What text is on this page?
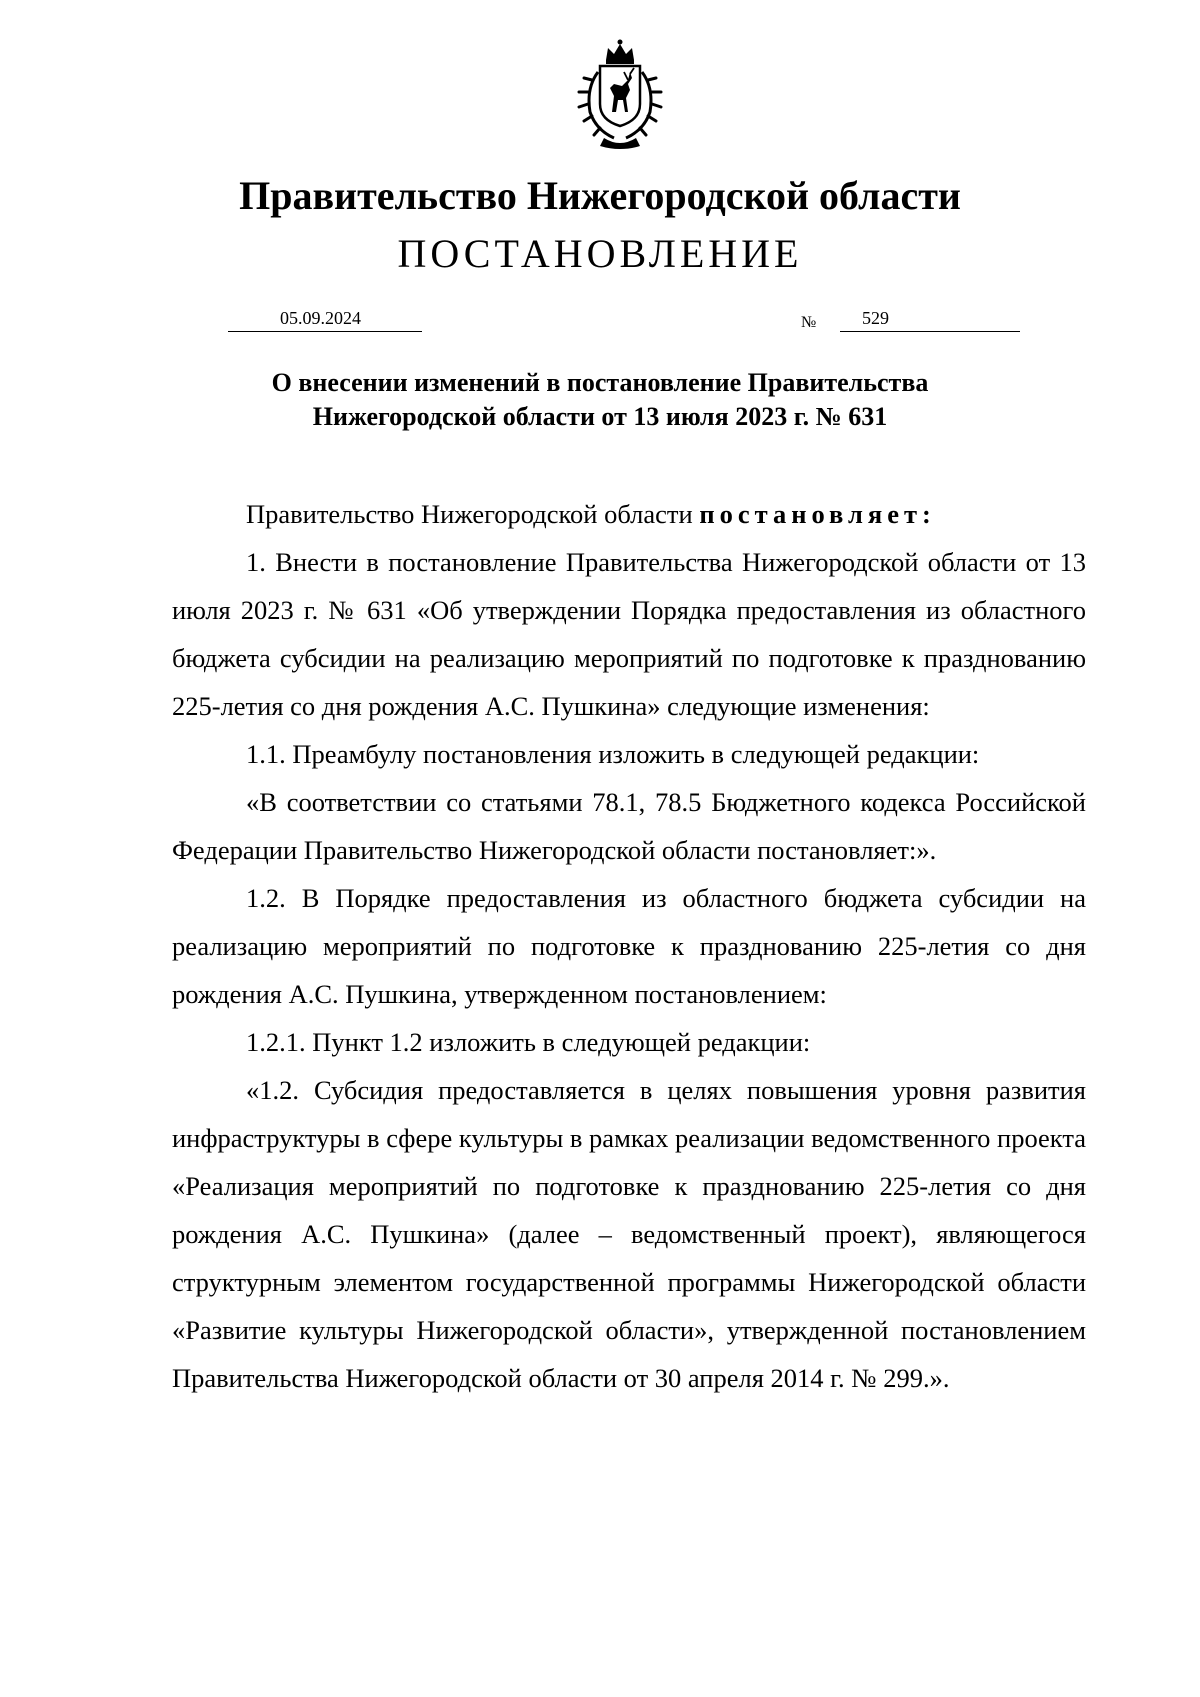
Правительство Нижегородской области
ПОСТАНОВЛЕНИЕ
05.09.2024	№	529
О внесении изменений в постановление Правительства
Нижегородской области от 13 июля 2023 г. № 631

Правительство Нижегородской области постановляет:

1. Внести в постановление Правительства Нижегородской области от 13 июля 2023 г. № 631 «Об утверждении Порядка предоставления из областного бюджета субсидии на реализацию мероприятий по подготовке к празднованию 225-летия со дня рождения А.С. Пушкина» следующие изменения:

1.1. Преамбулу постановления изложить в следующей редакции:

«В соответствии со статьями 78.1, 78.5 Бюджетного кодекса Российской Федерации Правительство Нижегородской области постановляет:».

1.2. В Порядке предоставления из областного бюджета субсидии на реализацию мероприятий по подготовке к празднованию 225-летия со дня рождения А.С. Пушкина, утвержденном постановлением:

1.2.1. Пункт 1.2 изложить в следующей редакции:

«1.2. Субсидия предоставляется в целях повышения уровня развития инфраструктуры в сфере культуры в рамках реализации ведомственного проекта «Реализация мероприятий по подготовке к празднованию 225-летия со дня рождения А.С. Пушкина» (далее – ведомственный проект), являющегося структурным элементом государственной программы Нижегородской области «Развитие культуры Нижегородской области», утвержденной постановлением Правительства Нижегородской области от 30 апреля 2014 г. № 299.».
